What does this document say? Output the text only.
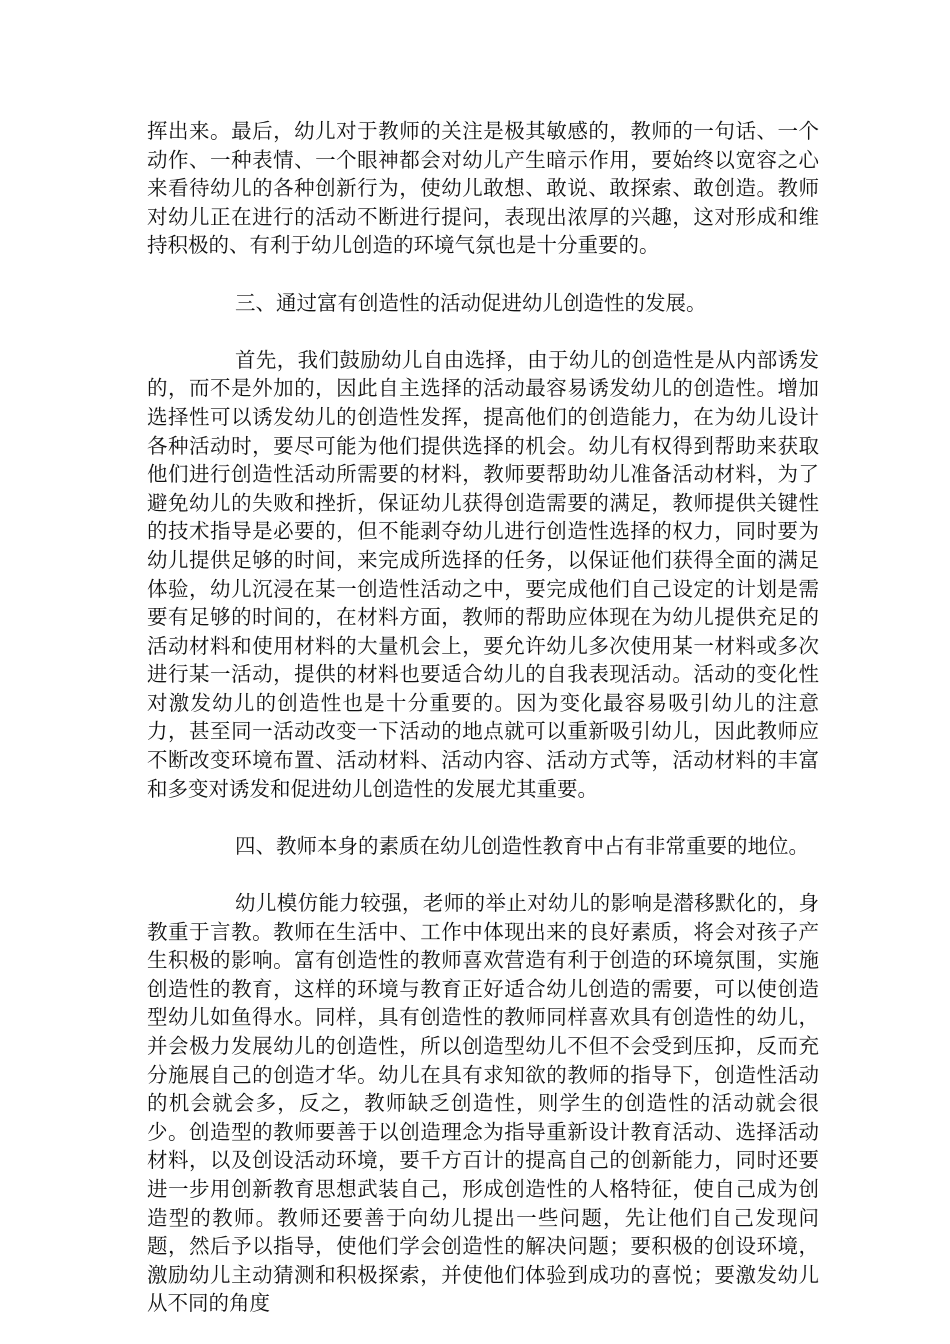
挥出来。最后，幼儿对于教师的关注是极其敏感的，教师的一句话、一个动作、一种表情、一个眼神都会对幼儿产生暗示作用，要始终以宽容之心来看待幼儿的各种创新行为，使幼儿敢想、敢说、敢探索、敢创造。教师对幼儿正在进行的活动不断进行提问，表现出浓厚的兴趣，这对形成和维持积极的、有利于幼儿创造的环境气氛也是十分重要的。

三、通过富有创造性的活动促进幼儿创造性的发展。

首先，我们鼓励幼儿自由选择，由于幼儿的创造性是从内部诱发的，而不是外加的，因此自主选择的活动最容易诱发幼儿的创造性。增加选择性可以诱发幼儿的创造性发挥，提高他们的创造能力，在为幼儿设计各种活动时，要尽可能为他们提供选择的机会。幼儿有权得到帮助来获取他们进行创造性活动所需要的材料，教师要帮助幼儿准备活动材料，为了避免幼儿的失败和挫折，保证幼儿获得创造需要的满足，教师提供关键性的技术指导是必要的，但不能剥夺幼儿进行创造性选择的权力，同时要为幼儿提供足够的时间，来完成所选择的任务，以保证他们获得全面的满足体验，幼儿沉浸在某一创造性活动之中，要完成他们自己设定的计划是需要有足够的时间的，在材料方面，教师的帮助应体现在为幼儿提供充足的活动材料和使用材料的大量机会上，要允许幼儿多次使用某一材料或多次进行某一活动，提供的材料也要适合幼儿的自我表现活动。活动的变化性对激发幼儿的创造性也是十分重要的。因为变化最容易吸引幼儿的注意力，甚至同一活动改变一下活动的地点就可以重新吸引幼儿，因此教师应不断改变环境布置、活动材料、活动内容、活动方式等，活动材料的丰富和多变对诱发和促进幼儿创造性的发展尤其重要。

四、教师本身的素质在幼儿创造性教育中占有非常重要的地位。

幼儿模仿能力较强，老师的举止对幼儿的影响是潜移默化的，身教重于言教。教师在生活中、工作中体现出来的良好素质，将会对孩子产生积极的影响。富有创造性的教师喜欢营造有利于创造的环境氛围，实施创造性的教育，这样的环境与教育正好适合幼儿创造的需要，可以使创造型幼儿如鱼得水。同样，具有创造性的教师同样喜欢具有创造性的幼儿，并会极力发展幼儿的创造性，所以创造型幼儿不但不会受到压抑，反而充分施展自己的创造才华。幼儿在具有求知欲的教师的指导下，创造性活动的机会就会多，反之，教师缺乏创造性，则学生的创造性的活动就会很少。创造型的教师要善于以创造理念为指导重新设计教育活动、选择活动材料，以及创设活动环境，要千方百计的提高自己的创新能力，同时还要进一步用创新教育思想武装自己，形成创造性的人格特征，使自己成为创造型的教师。教师还要善于向幼儿提出一些问题，先让他们自己发现问题，然后予以指导，使他们学会创造性的解决问题；要积极的创设环境，激励幼儿主动猜测和积极探索，并使他们体验到成功的喜悦；要激发幼儿从不同的角度
